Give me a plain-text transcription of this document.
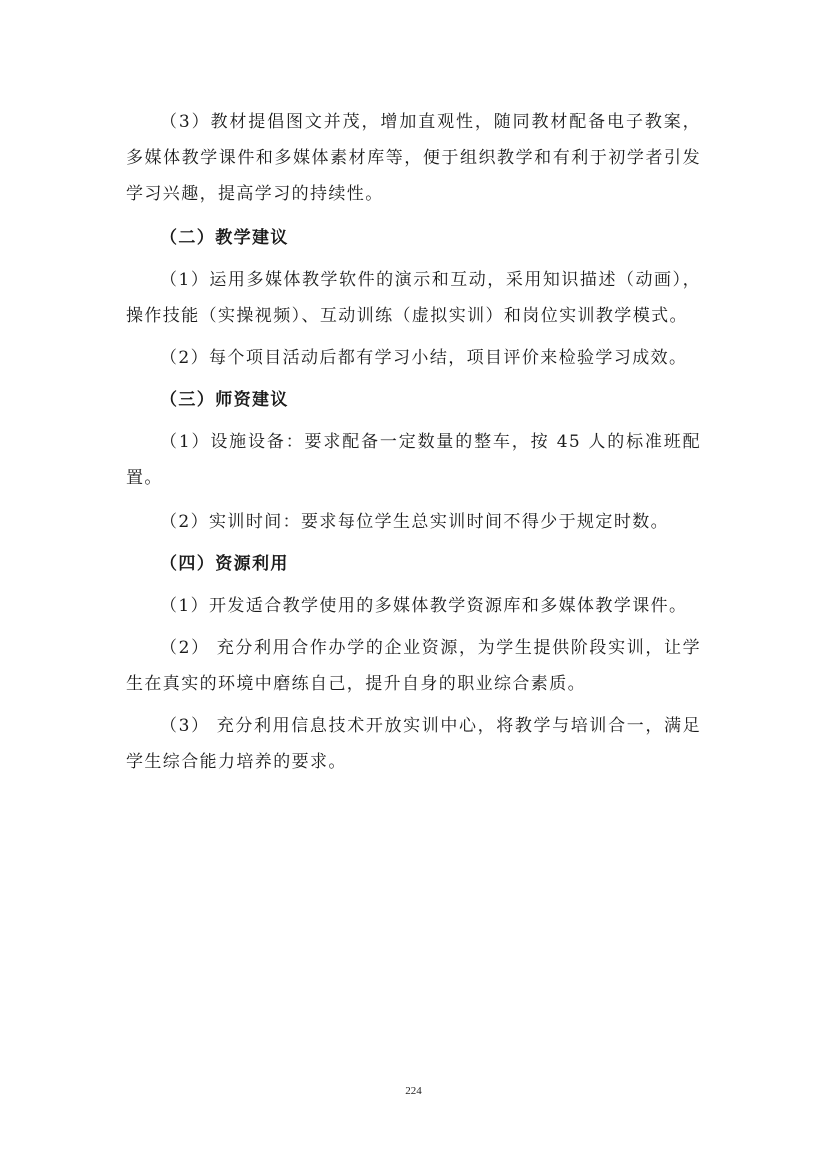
（3）教材提倡图文并茂，增加直观性，随同教材配备电子教案，多媒体教学课件和多媒体素材库等，便于组织教学和有利于初学者引发学习兴趣，提高学习的持续性。

（二）教学建议

（1）运用多媒体教学软件的演示和互动，采用知识描述（动画），操作技能（实操视频）、互动训练（虚拟实训）和岗位实训教学模式。

（2）每个项目活动后都有学习小结，项目评价来检验学习成效。

（三）师资建议

（1）设施设备：要求配备一定数量的整车，按 45 人的标准班配置。

（2）实训时间：要求每位学生总实训时间不得少于规定时数。

（四）资源利用

（1）开发适合教学使用的多媒体教学资源库和多媒体教学课件。

（2） 充分利用合作办学的企业资源，为学生提供阶段实训，让学生在真实的环境中磨练自己，提升自身的职业综合素质。

（3） 充分利用信息技术开放实训中心，将教学与培训合一，满足学生综合能力培养的要求。

224
